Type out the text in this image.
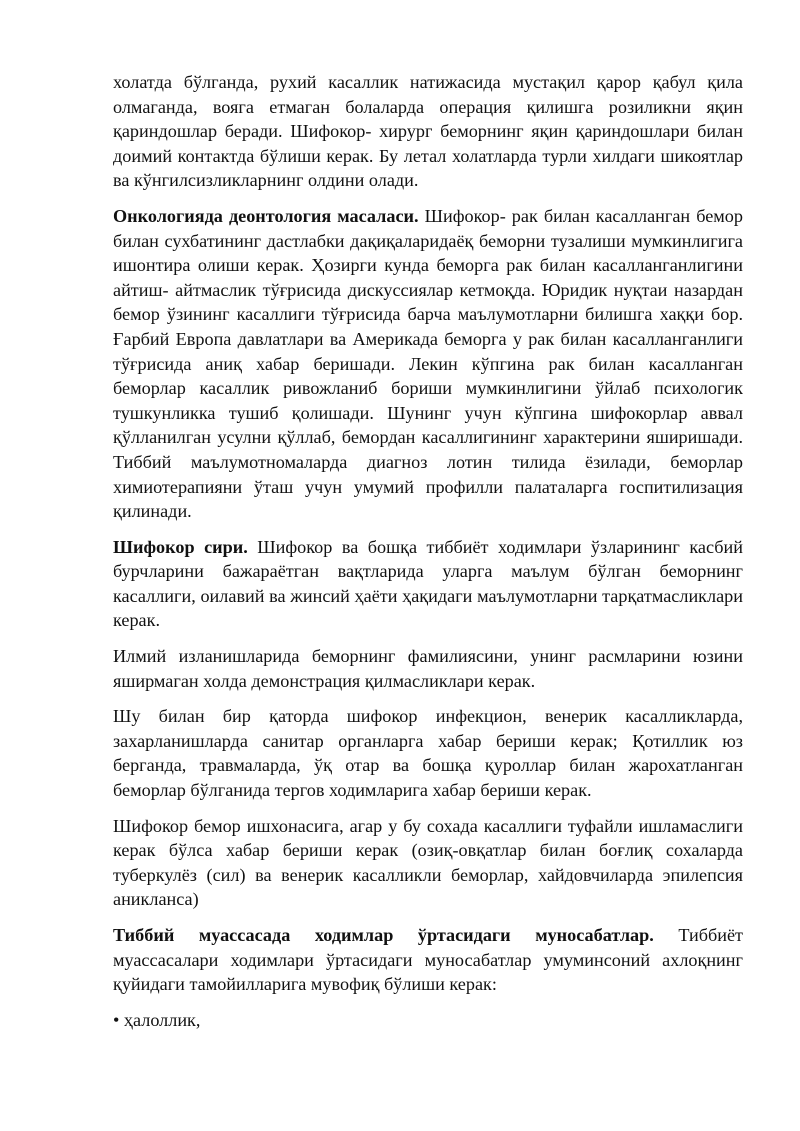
холатда бўлганда, рухий касаллик натижасида мустақил қарор қабул қила олмаганда, вояга етмаган болаларда операция қилишга розиликни яқин қариндошлар беради. Шифокор- хирург беморнинг яқин қариндошлари билан доимий контактда бўлиши керак. Бу летал холатларда турли хилдаги шикоятлар ва кўнгилсизликларнинг олдини олади.

Онкологияда деонтология масаласи. Шифокор- рак билан касалланган бемор билан сухбатининг дастлабки дақиқаларидаёқ беморни тузалиши мумкинлигига ишонтира олиши керак. Ҳозирги кунда беморга рак билан касалланганлигини айтиш- айтмаслик тўғрисида дискуссиялар кетмоқда. Юридик нуқтаи назардан бемор ўзининг касаллиги тўғрисида барча маълумотларни билишга хаққи бор. Ғарбий Европа давлатлари ва Америкада беморга у рак билан касалланганлиги тўғрисида аниқ хабар беришади. Лекин кўпгина рак билан касалланган беморлар касаллик ривожланиб бориши мумкинлигини ўйлаб психологик тушкунликка тушиб қолишади. Шунинг учун кўпгина шифокорлар аввал қўлланилган усулни қўллаб, бемордан касаллигининг характерини яширишади. Тиббий маълумотномаларда диагноз лотин тилида ёзилади, беморлар химиотерапияни ўташ учун умумий профилли палаталарга госпитилизация қилинади.

Шифокор сири. Шифокор ва бошқа тиббиёт ходимлари ўзларининг касбий бурчларини бажараётган вақтларида уларга маълум бўлган беморнинг касаллиги, оилавий ва жинсий ҳаёти ҳақидаги маълумотларни тарқатмасликлари керак.

Илмий изланишларида беморнинг фамилиясини, унинг расмларини юзини яширмаган холда демонстрация қилмасликлари керак.

Шу билан бир қаторда шифокор инфекцион, венерик касалликларда, захарланишларда санитар органларга хабар бериши керак; Қотиллик юз берганда, травмаларда, ўқ отар ва бошқа қуроллар билан жарохатланган беморлар бўлганида тергов ходимларига хабар бериши керак.

Шифокор бемор ишхонасига, агар у бу сохада касаллиги туфайли ишламаслиги керак бўлса хабар бериши керак (озиқ-овқатлар билан боғлиқ сохаларда туберкулёз (сил) ва венерик касалликли беморлар, хайдовчиларда эпилепсия аникланса)

Тиббий муассасада ходимлар ўртасидаги муносабатлар. Тиббиёт муассасалари ходимлари ўртасидаги муносабатлар умуминсоний ахлоқнинг қуйидаги тамойилларига мувофиқ бўлиши керак:

• ҳалоллик,
